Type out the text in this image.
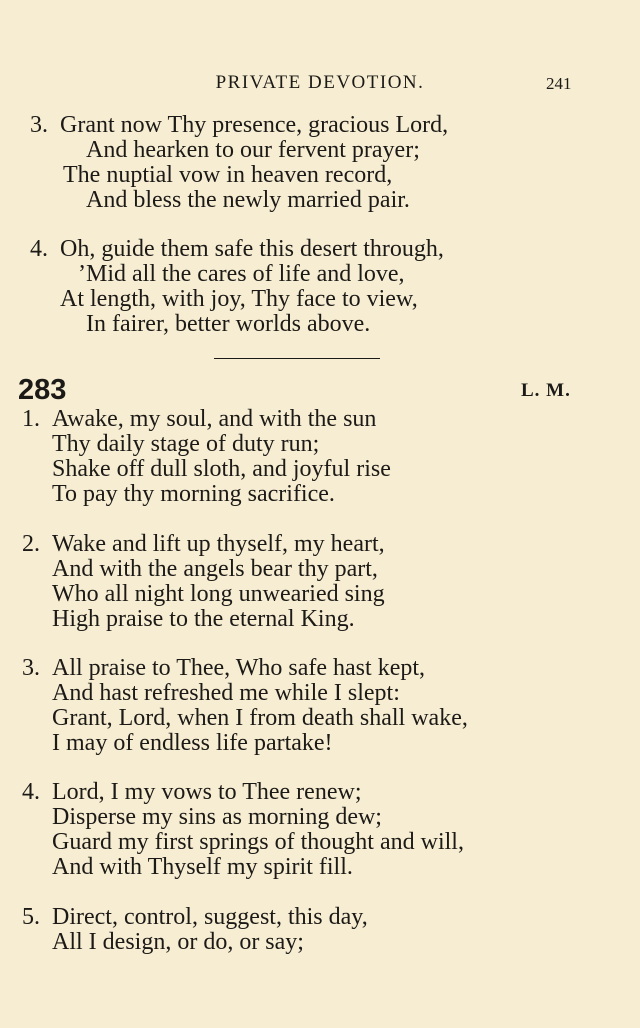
PRIVATE DEVOTION.	241
3. Grant now Thy presence, gracious Lord,
And hearken to our fervent prayer;
The nuptial vow in heaven record,
And bless the newly married pair.
4. Oh, guide them safe this desert through,
’Mid all the cares of life and love,
At length, with joy, Thy face to view,
In fairer, better worlds above.
283	L. M.
1. Awake, my soul, and with the sun
Thy daily stage of duty run;
Shake off dull sloth, and joyful rise
To pay thy morning sacrifice.
2. Wake and lift up thyself, my heart,
And with the angels bear thy part,
Who all night long unwearied sing
High praise to the eternal King.
3. All praise to Thee, Who safe hast kept,
And hast refreshed me while I slept:
Grant, Lord, when I from death shall wake,
I may of endless life partake!
4. Lord, I my vows to Thee renew;
Disperse my sins as morning dew;
Guard my first springs of thought and will,
And with Thyself my spirit fill.
5. Direct, control, suggest, this day,
All I design, or do, or say;
